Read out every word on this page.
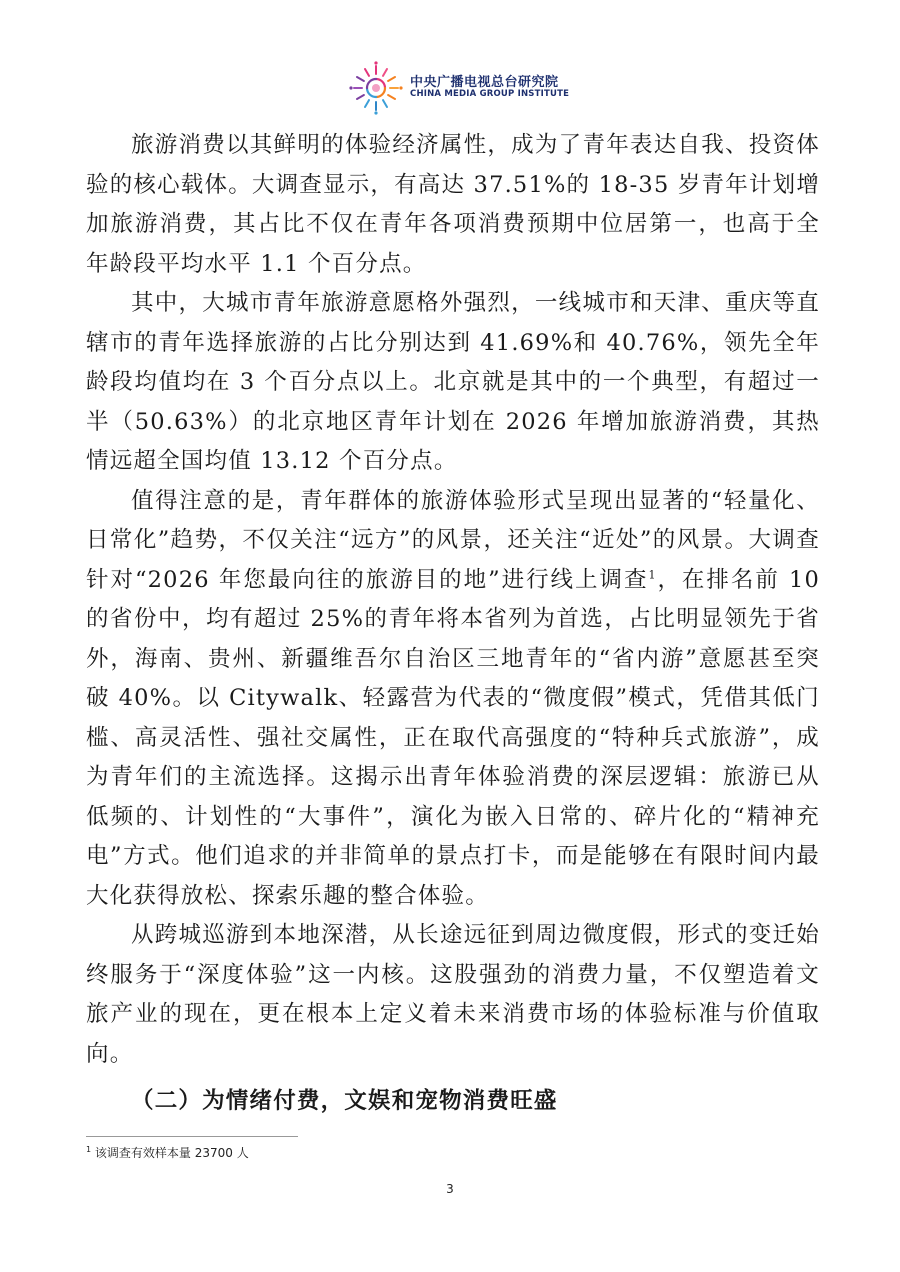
中央广播电视总台研究院
CHINA MEDIA GROUP INSTITUTE

旅游消费以其鲜明的体验经济属性，成为了青年表达自我、投资体验的核心载体。大调查显示，有高达 37.51%的 18-35 岁青年计划增加旅游消费，其占比不仅在青年各项消费预期中位居第一，也高于全年龄段平均水平 1.1 个百分点。

其中，大城市青年旅游意愿格外强烈，一线城市和天津、重庆等直辖市的青年选择旅游的占比分别达到 41.69%和 40.76%，领先全年龄段均值均在 3 个百分点以上。北京就是其中的一个典型，有超过一半（50.63%）的北京地区青年计划在 2026 年增加旅游消费，其热情远超全国均值 13.12 个百分点。

值得注意的是，青年群体的旅游体验形式呈现出显著的“轻量化、日常化”趋势，不仅关注“远方”的风景，还关注“近处”的风景。大调查针对“2026 年您最向往的旅游目的地”进行线上调查$^1$，在排名前 10 的省份中，均有超过 25%的青年将本省列为首选，占比明显领先于省外，海南、贵州、新疆维吾尔自治区三地青年的“省内游”意愿甚至突破 40%。以 Citywalk、轻露营为代表的“微度假”模式，凭借其低门槛、高灵活性、强社交属性，正在取代高强度的“特种兵式旅游”，成为青年们的主流选择。这揭示出青年体验消费的深层逻辑：旅游已从低频的、计划性的“大事件”，演化为嵌入日常的、碎片化的“精神充电”方式。他们追求的并非简单的景点打卡，而是能够在有限时间内最大化获得放松、探索乐趣的整合体验。

从跨城巡游到本地深潜，从长途远征到周边微度假，形式的变迁始终服务于“深度体验”这一内核。这股强劲的消费力量，不仅塑造着文旅产业的现在，更在根本上定义着未来消费市场的体验标准与价值取向。

（二）为情绪付费，文娱和宠物消费旺盛

$^1$ 该调查有效样本量 23700 人
3
